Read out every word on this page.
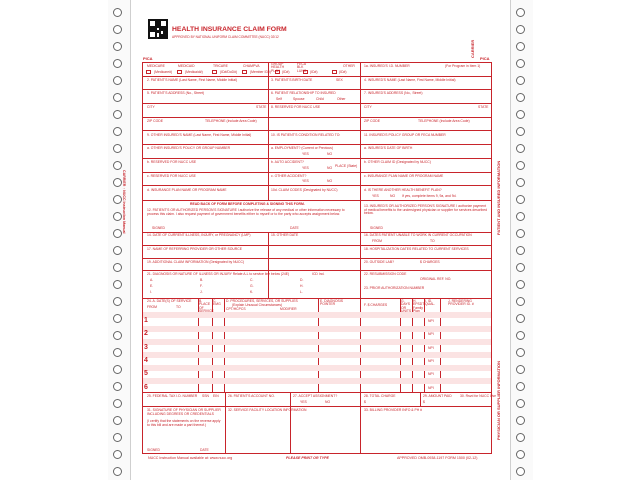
HEALTH INSURANCE CLAIM FORM
APPROVED BY NATIONAL UNIFORM CLAIM COMMITTEE (NUCC) 02/12
PICA	PICA
CARRIER
PATIENT AND INSURED INFORMATION
PHYSICIAN OR SUPPLIER INFORMATION
CARRIER ↑ NUCC Instruction Manual
MEDICARE	MEDICAID	TRICARE	CHAMPVA	GROUP HEALTH PLAN
FECA BLK LUNG
OTHER	1a. INSURED'S I.D. NUMBER	(For Program in Item 1)
(Medicare#)	(Medicaid#)	(ID#/DoD#)	(Member ID#)	(ID#)	(ID#)	(ID#)
2. PATIENT'S NAME (Last Name, First Name, Middle Initial)	3. PATIENT'S BIRTH DATE	SEX	4. INSURED'S NAME (Last Name, First Name, Middle Initial)
5. PATIENT'S ADDRESS (No., Street)	6. PATIENT RELATIONSHIP TO INSURED
Self	Spouse	Child	Other
7. INSURED'S ADDRESS (No., Street)
CITY	STATE 8. RESERVED FOR NUCC USE	CITY	STATE
ZIP CODE	TELEPHONE (Include Area Code)	ZIP CODE	TELEPHONE (Include Area Code)
9. OTHER INSURED'S NAME (Last Name, First Name, Middle Initial)	10. IS PATIENT'S CONDITION RELATED TO:	11. INSURED'S POLICY GROUP OR FECA NUMBER
a. OTHER INSURED'S POLICY OR GROUP NUMBER	a. EMPLOYMENT? (Current or Previous)
YES	NO
a. INSURED'S DATE OF BIRTH
b. RESERVED FOR NUCC USE	b. AUTO ACCIDENT?
PLACE (State)
YES	NO
b. OTHER CLAIM ID (Designated by NUCC)
c. RESERVED FOR NUCC USE	c. OTHER ACCIDENT?
YES	NO
c. INSURANCE PLAN NAME OR PROGRAM NAME
d. INSURANCE PLAN NAME OR PROGRAM NAME	10d. CLAIM CODES (Designated by NUCC)	d. IS THERE ANOTHER HEALTH BENEFIT PLAN?
YES	NO If yes, complete items 9, 9a, and 9d.
READ BACK OF FORM BEFORE COMPLETING & SIGNING THIS FORM.
12. PATIENT'S OR AUTHORIZED PERSON'S SIGNATURE I authorize the release of any medical or other information necessary to process this claim. I also request payment of government benefits either to myself or to the party who accepts assignment below.
13. INSURED'S OR AUTHORIZED PERSON'S SIGNATURE I authorize payment of medical benefits to the undersigned physician or supplier for services described below.
SIGNED	DATE	SIGNED
14. DATE OF CURRENT ILLNESS, INJURY, or PREGNANCY (LMP)	15. OTHER DATE	16. DATES PATIENT UNABLE TO WORK IN CURRENT OCCUPATION
FROM	TO
17. NAME OF REFERRING PROVIDER OR OTHER SOURCE	18. HOSPITALIZATION DATES RELATED TO CURRENT SERVICES
19. ADDITIONAL CLAIM INFORMATION (Designated by NUCC)	20. OUTSIDE LAB?	$ CHARGES
21. DIAGNOSIS OR NATURE OF ILLNESS OR INJURY Relate A-L to service line below (24E)	ICD Ind.	22. RESUBMISSION CODE
ORIGINAL REF. NO.
23. PRIOR AUTHORIZATION NUMBER
A.	B.	C.	D.
E.	F.	G.	H.
I.	J.	K.	L.
24. A. DATE(S) OF SERVICE
FROM	TO
B. PLACE OF SERVICE
C. EMG
D. PROCEDURES, SERVICES, OR SUPPLIES
(Explain Unusual Circumstances)
CPT/HCPCS	MODIFIER
E. DIAGNOSIS POINTER	F. $ CHARGES
G. DAYS OR UNITS
H. EPSDT Family Plan
I. ID. QUAL.
J. RENDERING PROVIDER ID. #
1	NPI
2	NPI
3	NPI
4	NPI
5	NPI
6	NPI
25. FEDERAL TAX I.D. NUMBER SSN EIN	26. PATIENT'S ACCOUNT NO.	27. ACCEPT ASSIGNMENT?
YES	NO
28. TOTAL CHARGE
$
29. AMOUNT PAID
$
30. Rsvd for NUCC Use
31. SIGNATURE OF PHYSICIAN OR SUPPLIER INCLUDING DEGREES OR CREDENTIALS
(I certify that the statements on the reverse apply to this bill and are made a part thereof.)
32. SERVICE FACILITY LOCATION INFORMATION	33. BILLING PROVIDER INFO & PH #
SIGNED	DATE
NUCC Instruction Manual available at: www.nucc.org	PLEASE PRINT OR TYPE	APPROVED OMB-0938-1197 FORM 1500 (02-12)
